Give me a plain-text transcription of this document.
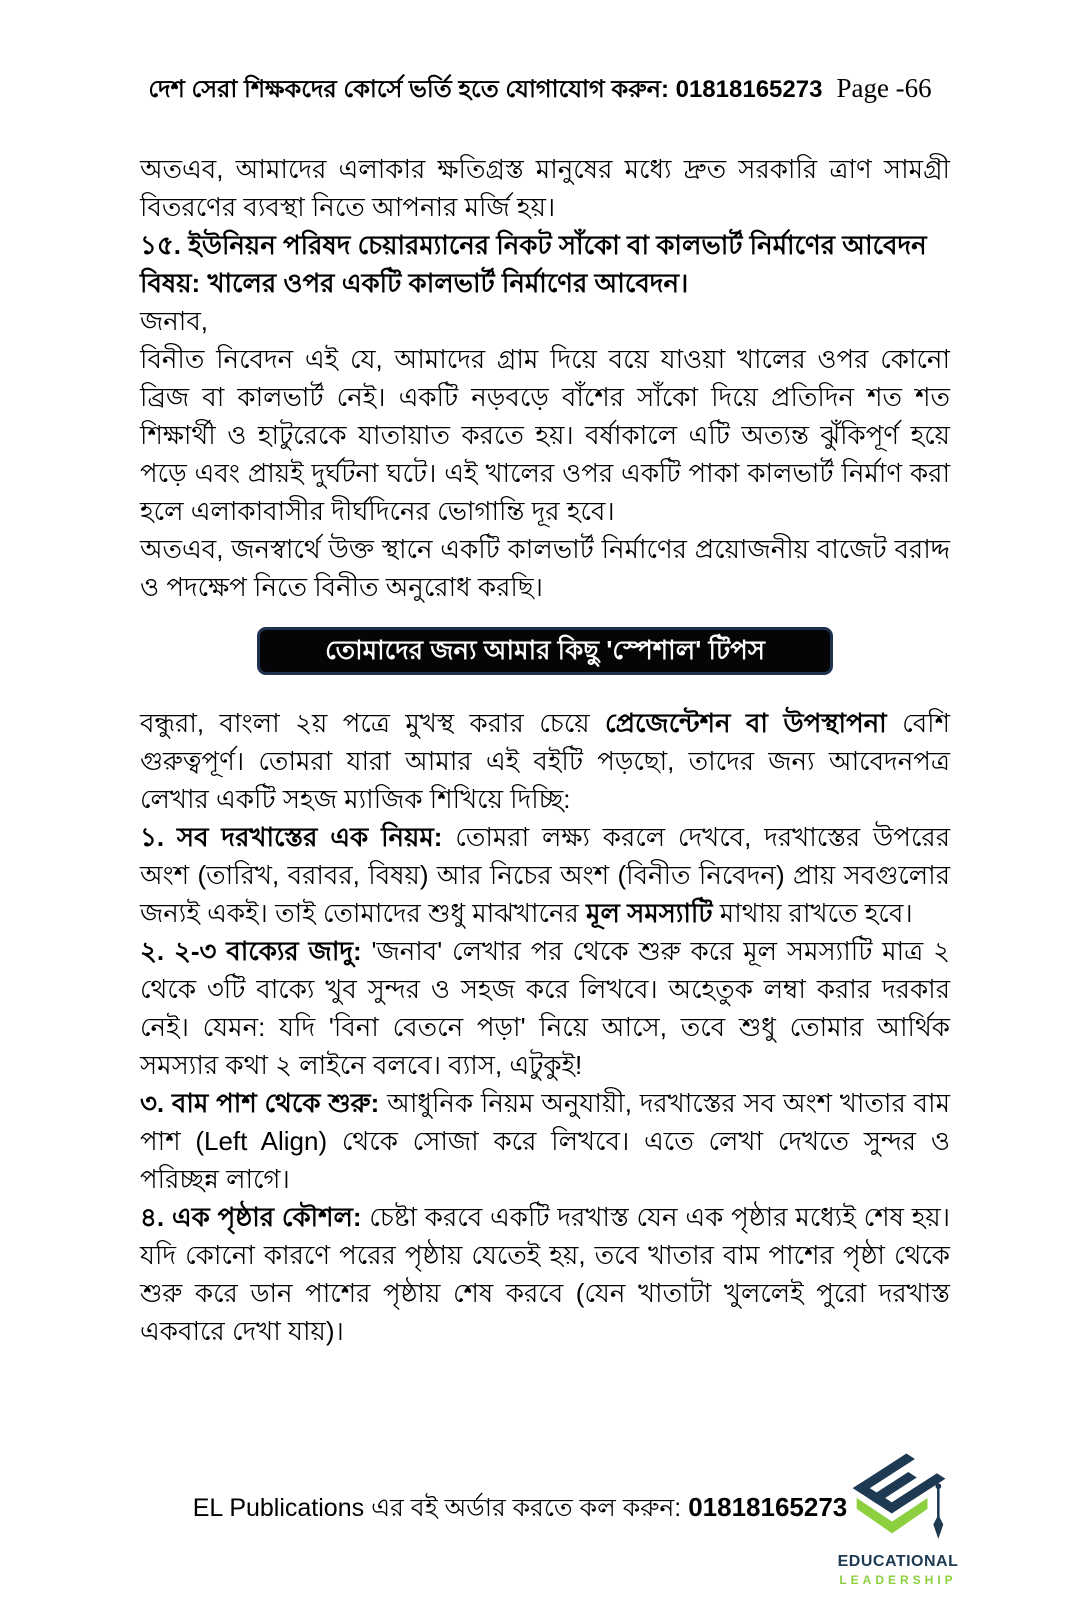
দেশ সেরা শিক্ষকদের কোর্সে ভর্তি হতে যোগাযোগ করুন: 01818165273 Page -66

অতএব, আমাদের এলাকার ক্ষতিগ্রস্ত মানুষের মধ্যে দ্রুত সরকারি ত্রাণ সামগ্রী বিতরণের ব্যবস্থা নিতে আপনার মর্জি হয়।

১৫. ইউনিয়ন পরিষদ চেয়ারম্যানের নিকট সাঁকো বা কালভার্ট নির্মাণের আবেদন

বিষয়: খালের ওপর একটি কালভার্ট নির্মাণের আবেদন।

জনাব,

বিনীত নিবেদন এই যে, আমাদের গ্রাম দিয়ে বয়ে যাওয়া খালের ওপর কোনো ব্রিজ বা কালভার্ট নেই। একটি নড়বড়ে বাঁশের সাঁকো দিয়ে প্রতিদিন শত শত শিক্ষার্থী ও হাটুরেকে যাতায়াত করতে হয়। বর্ষাকালে এটি অত্যন্ত ঝুঁকিপূর্ণ হয়ে পড়ে এবং প্রায়ই দুর্ঘটনা ঘটে। এই খালের ওপর একটি পাকা কালভার্ট নির্মাণ করা হলে এলাকাবাসীর দীর্ঘদিনের ভোগান্তি দূর হবে।

অতএব, জনস্বার্থে উক্ত স্থানে একটি কালভার্ট নির্মাণের প্রয়োজনীয় বাজেট বরাদ্দ ও পদক্ষেপ নিতে বিনীত অনুরোধ করছি।

তোমাদের জন্য আমার কিছু 'স্পেশাল' টিপস

বন্ধুরা, বাংলা ২য় পত্রে মুখস্থ করার চেয়ে প্রেজেন্টেশন বা উপস্থাপনা বেশি গুরুত্বপূর্ণ। তোমরা যারা আমার এই বইটি পড়ছো, তাদের জন্য আবেদনপত্র লেখার একটি সহজ ম্যাজিক শিখিয়ে দিচ্ছি:

১. সব দরখাস্তের এক নিয়ম: তোমরা লক্ষ্য করলে দেখবে, দরখাস্তের উপরের অংশ (তারিখ, বরাবর, বিষয়) আর নিচের অংশ (বিনীত নিবেদন) প্রায় সবগুলোর জন্যই একই। তাই তোমাদের শুধু মাঝখানের মূল সমস্যাটি মাথায় রাখতে হবে।

২. ২-৩ বাক্যের জাদু: 'জনাব' লেখার পর থেকে শুরু করে মূল সমস্যাটি মাত্র ২ থেকে ৩টি বাক্যে খুব সুন্দর ও সহজ করে লিখবে। অহেতুক লম্বা করার দরকার নেই। যেমন: যদি 'বিনা বেতনে পড়া' নিয়ে আসে, তবে শুধু তোমার আর্থিক সমস্যার কথা ২ লাইনে বলবে। ব্যাস, এটুকুই!

৩. বাম পাশ থেকে শুরু: আধুনিক নিয়ম অনুযায়ী, দরখাস্তের সব অংশ খাতার বাম পাশ (Left Align) থেকে সোজা করে লিখবে। এতে লেখা দেখতে সুন্দর ও পরিচ্ছন্ন লাগে।

৪. এক পৃষ্ঠার কৌশল: চেষ্টা করবে একটি দরখাস্ত যেন এক পৃষ্ঠার মধ্যেই শেষ হয়। যদি কোনো কারণে পরের পৃষ্ঠায় যেতেই হয়, তবে খাতার বাম পাশের পৃষ্ঠা থেকে শুরু করে ডান পাশের পৃষ্ঠায় শেষ করবে (যেন খাতাটা খুললেই পুরো দরখাস্ত একবারে দেখা যায়)।

EL Publications এর বই অর্ডার করতে কল করুন: 01818165273
EDUCATIONAL
LEADERSHIP
